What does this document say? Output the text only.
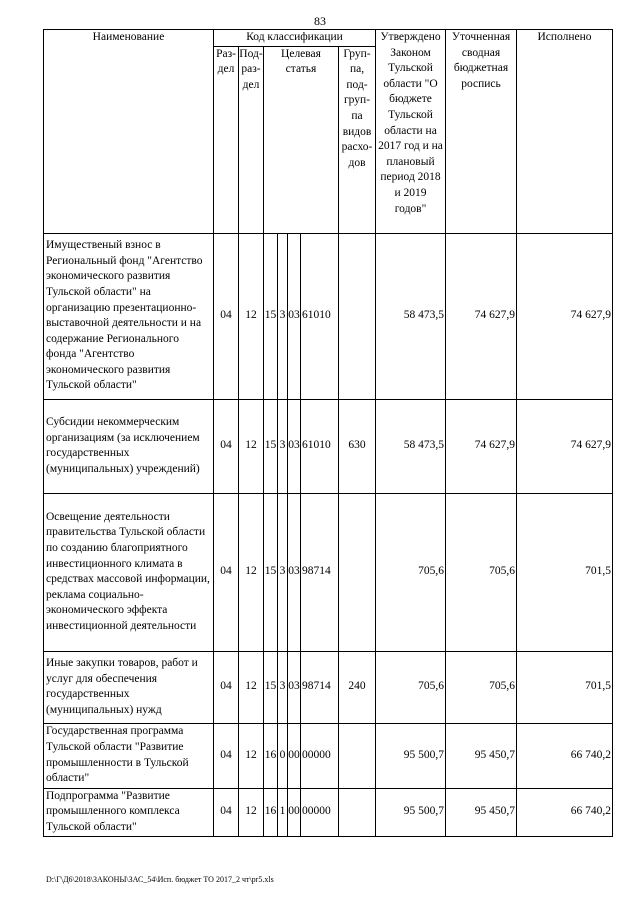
83
Наименование	Код классификации							Утверждено Законом Тульской области "О бюджете Тульской области на 2017 год и на плановый период 2018 и 2019 годов"	Уточненная сводная бюджетная роспись	Исполнено
	Раз-дел	Под-раз-дел	Целевая статья				Груп-па, под-груп-па видов расхо-дов			
Имущественый взнос в Региональный фонд "Агентство экономического развития Тульской области" на организацию презентационно-выставочной деятельности и на содержание Регионального фонда "Агентство экономического развития Тульской области"	04	12	15	3	03	61010		58 473,5	74 627,9	74 627,9
Субсидии некоммерческим организациям (за исключением государственных (муниципальных) учреждений)	04	12	15	3	03	61010	630	58 473,5	74 627,9	74 627,9
Освещение деятельности правительства Тульской области по созданию благоприятного инвестиционного климата в средствах массовой информации, реклама социально-экономического эффекта инвестиционной деятельности	04	12	15	3	03	98714		705,6	705,6	701,5
Иные закупки товаров, работ и услуг для обеспечения государственных (муниципальных) нужд	04	12	15	3	03	98714	240	705,6	705,6	701,5
Государственная программа Тульской области "Развитие промышленности в Тульской области"	04	12	16	0	00	00000		95 500,7	95 450,7	66 740,2
Подпрограмма "Развитие промышленного комплекса Тульской области"	04	12	16	1	00	00000		95 500,7	95 450,7	66 740,2
D:\Г\Д6\2018\ЗАКОНЫ\ЗАС_54\Исп. бюджет ТО 2017_2 чт\pr5.xls
